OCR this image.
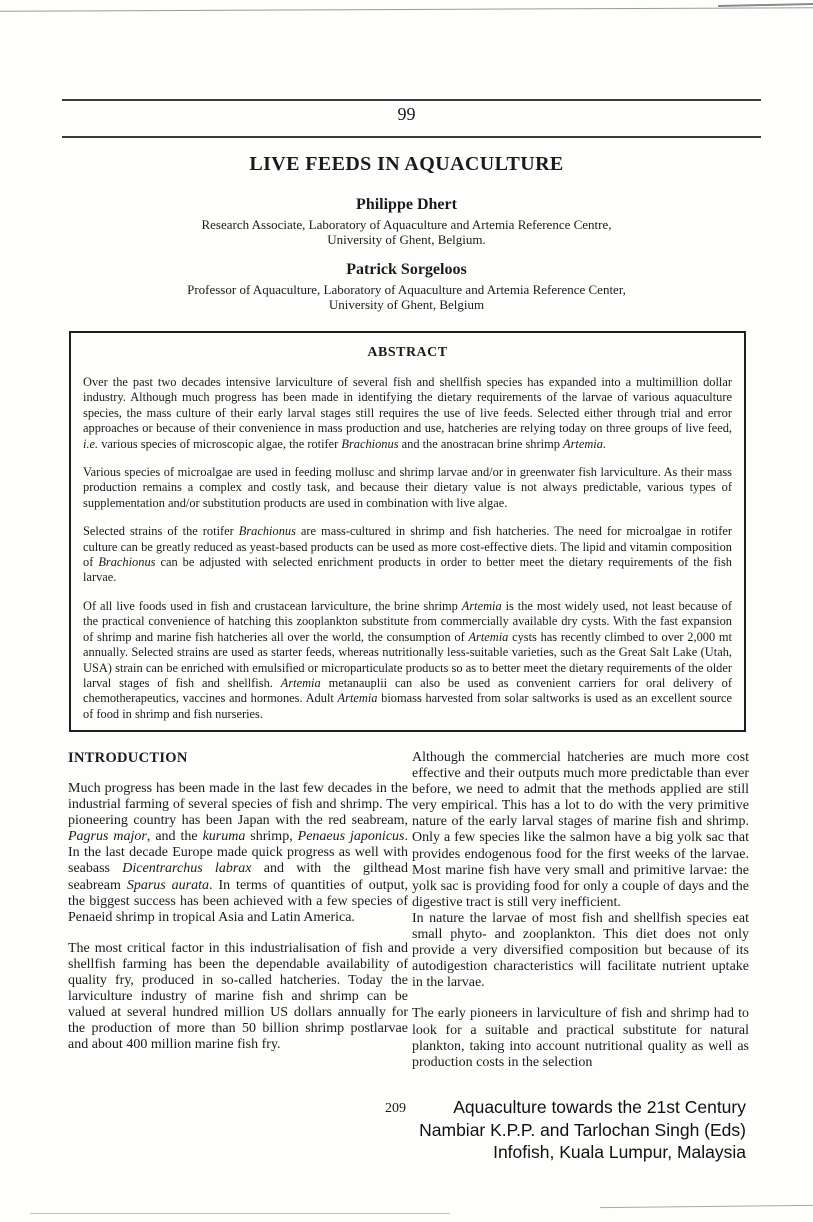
99
LIVE FEEDS IN AQUACULTURE
Philippe Dhert
Research Associate, Laboratory of Aquaculture and Artemia Reference Centre,
University of Ghent, Belgium.
Patrick Sorgeloos
Professor of Aquaculture, Laboratory of Aquaculture and Artemia Reference Center,
University of Ghent, Belgium
ABSTRACT

Over the past two decades intensive larviculture of several fish and shellfish species has expanded into a multimillion dollar industry. Although much progress has been made in identifying the dietary requirements of the larvae of various aquaculture species, the mass culture of their early larval stages still requires the use of live feeds. Selected either through trial and error approaches or because of their convenience in mass production and use, hatcheries are relying today on three groups of live feed, i.e. various species of microscopic algae, the rotifer Brachionus and the anostracan brine shrimp Artemia.

Various species of microalgae are used in feeding mollusc and shrimp larvae and/or in greenwater fish larviculture. As their mass production remains a complex and costly task, and because their dietary value is not always predictable, various types of supplementation and/or substitution products are used in combination with live algae.

Selected strains of the rotifer Brachionus are mass-cultured in shrimp and fish hatcheries. The need for microalgae in rotifer culture can be greatly reduced as yeast-based products can be used as more cost-effective diets. The lipid and vitamin composition of Brachionus can be adjusted with selected enrichment products in order to better meet the dietary requirements of the fish larvae.

Of all live foods used in fish and crustacean larviculture, the brine shrimp Artemia is the most widely used, not least because of the practical convenience of hatching this zooplankton substitute from commercially available dry cysts. With the fast expansion of shrimp and marine fish hatcheries all over the world, the consumption of Artemia cysts has recently climbed to over 2,000 mt annually. Selected strains are used as starter feeds, whereas nutritionally less-suitable varieties, such as the Great Salt Lake (Utah, USA) strain can be enriched with emulsified or microparticulate products so as to better meet the dietary requirements of the older larval stages of fish and shellfish. Artemia metanauplii can also be used as convenient carriers for oral delivery of chemotherapeutics, vaccines and hormones. Adult Artemia biomass harvested from solar saltworks is used as an excellent source of food in shrimp and fish nurseries.

INTRODUCTION

Much progress has been made in the last few decades in the industrial farming of several species of fish and shrimp. The pioneering country has been Japan with the red seabream, Pagrus major, and the kuruma shrimp, Penaeus japonicus. In the last decade Europe made quick progress as well with seabass Dicentrarchus labrax and with the gilthead seabream Sparus aurata. In terms of quantities of output, the biggest success has been achieved with a few species of Penaeid shrimp in tropical Asia and Latin America.

The most critical factor in this industrialisation of fish and shellfish farming has been the dependable availability of quality fry, produced in so-called hatcheries. Today the larviculture industry of marine fish and shrimp can be valued at several hundred million US dollars annually for the production of more than 50 billion shrimp postlarvae and about 400 million marine fish fry.

Although the commercial hatcheries are much more cost effective and their outputs much more predictable than ever before, we need to admit that the methods applied are still very empirical. This has a lot to do with the very primitive nature of the early larval stages of marine fish and shrimp. Only a few species like the salmon have a big yolk sac that provides endogenous food for the first weeks of the larvae. Most marine fish have very small and primitive larvae: the yolk sac is providing food for only a couple of days and the digestive tract is still very inefficient.

In nature the larvae of most fish and shellfish species eat small phyto- and zooplankton. This diet does not only provide a very diversified composition but because of its autodigestion characteristics will facilitate nutrient uptake in the larvae.

The early pioneers in larviculture of fish and shrimp had to look for a suitable and practical substitute for natural plankton, taking into account nutritional quality as well as production costs in the selection

209	Aquaculture towards the 21st Century
Nambiar K.P.P. and Tarlochan Singh (Eds)
Infofish, Kuala Lumpur, Malaysia
